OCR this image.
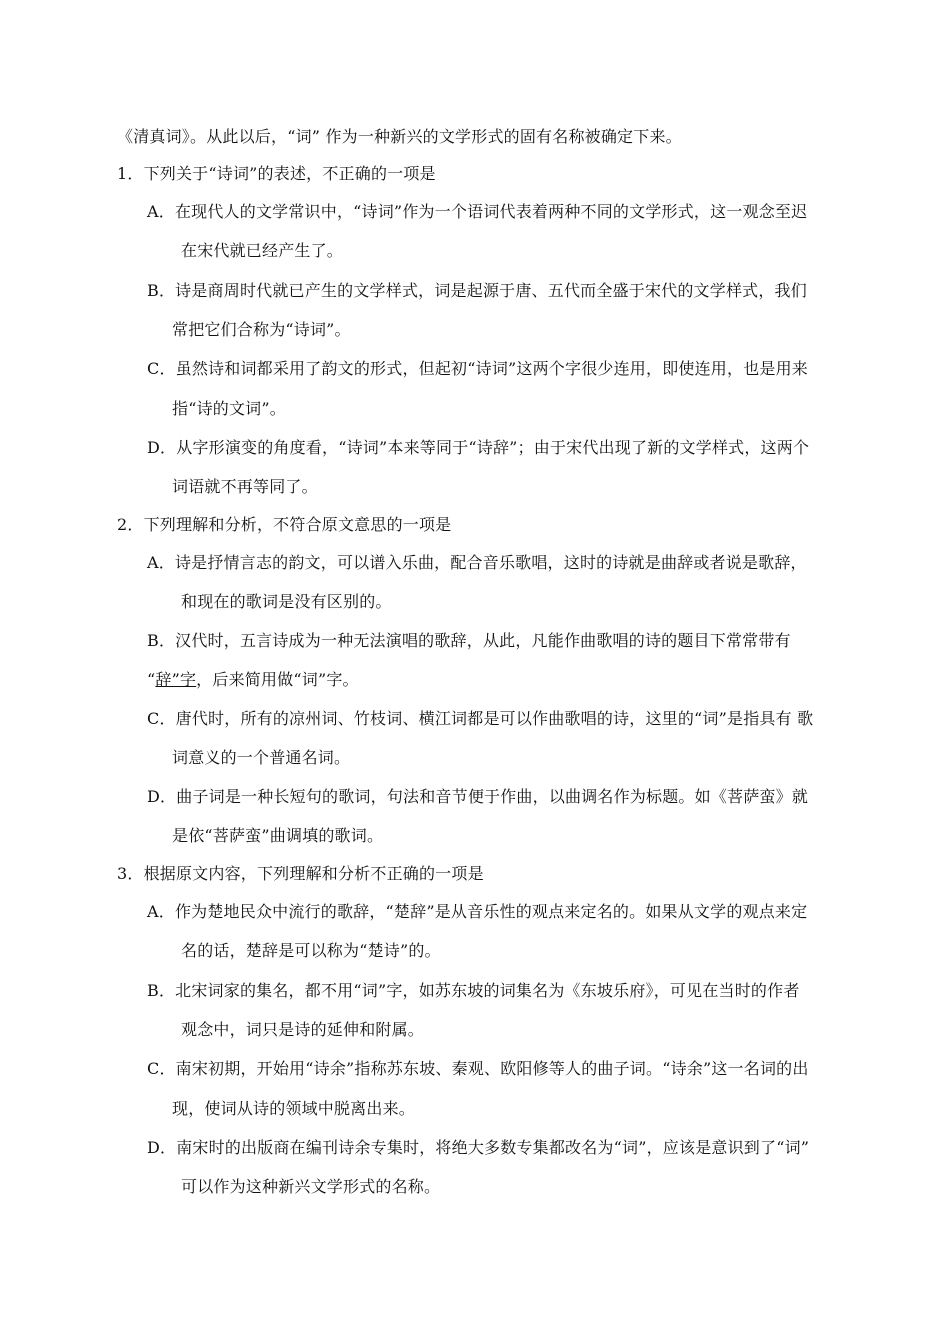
《清真词》。从此以后，“词” 作为一种新兴的文学形式的固有名称被确定下来。
1．下列关于“诗词”的表述，不正确的一项是
A．在现代人的文学常识中，“诗词”作为一个语词代表着两种不同的文学形式，这一观念至迟
在宋代就已经产生了。
B．诗是商周时代就已产生的文学样式，词是起源于唐、五代而全盛于宋代的文学样式，我们
常把它们合称为“诗词”。
C．虽然诗和词都采用了韵文的形式，但起初“诗词”这两个字很少连用，即使连用，也是用来
指“诗的文词”。
D．从字形演变的角度看，“诗词”本来等同于“诗辞”；由于宋代出现了新的文学样式，这两个
词语就不再等同了。
2．下列理解和分析，不符合原文意思的一项是
A．诗是抒情言志的韵文，可以谱入乐曲，配合音乐歌唱，这时的诗就是曲辞或者说是歌辞，
和现在的歌词是没有区别的。
B．汉代时，五言诗成为一种无法演唱的歌辞，从此，凡能作曲歌唱的诗的题目下常常带有
“辞”字，后来简用做“词”字。
C．唐代时，所有的凉州词、竹枝词、横江词都是可以作曲歌唱的诗，这里的“词”是指具有 歌
词意义的一个普通名词。
D．曲子词是一种长短句的歌词，句法和音节便于作曲，以曲调名作为标题。如《菩萨蛮》就
是依“菩萨蛮”曲调填的歌词。
3．根据原文内容，下列理解和分析不正确的一项是
A．作为楚地民众中流行的歌辞，“楚辞”是从音乐性的观点来定名的。如果从文学的观点来定
名的话，楚辞是可以称为“楚诗”的。
B．北宋词家的集名，都不用“词”字，如苏东坡的词集名为《东坡乐府》，可见在当时的作者
观念中，词只是诗的延伸和附属。
C．南宋初期，开始用“诗余”指称苏东坡、秦观、欧阳修等人的曲子词。“诗余”这一名词的出
现，使词从诗的领域中脱离出来。
D．南宋时的出版商在编刊诗余专集时，将绝大多数专集都改名为“词”，应该是意识到了“词”
可以作为这种新兴文学形式的名称。
